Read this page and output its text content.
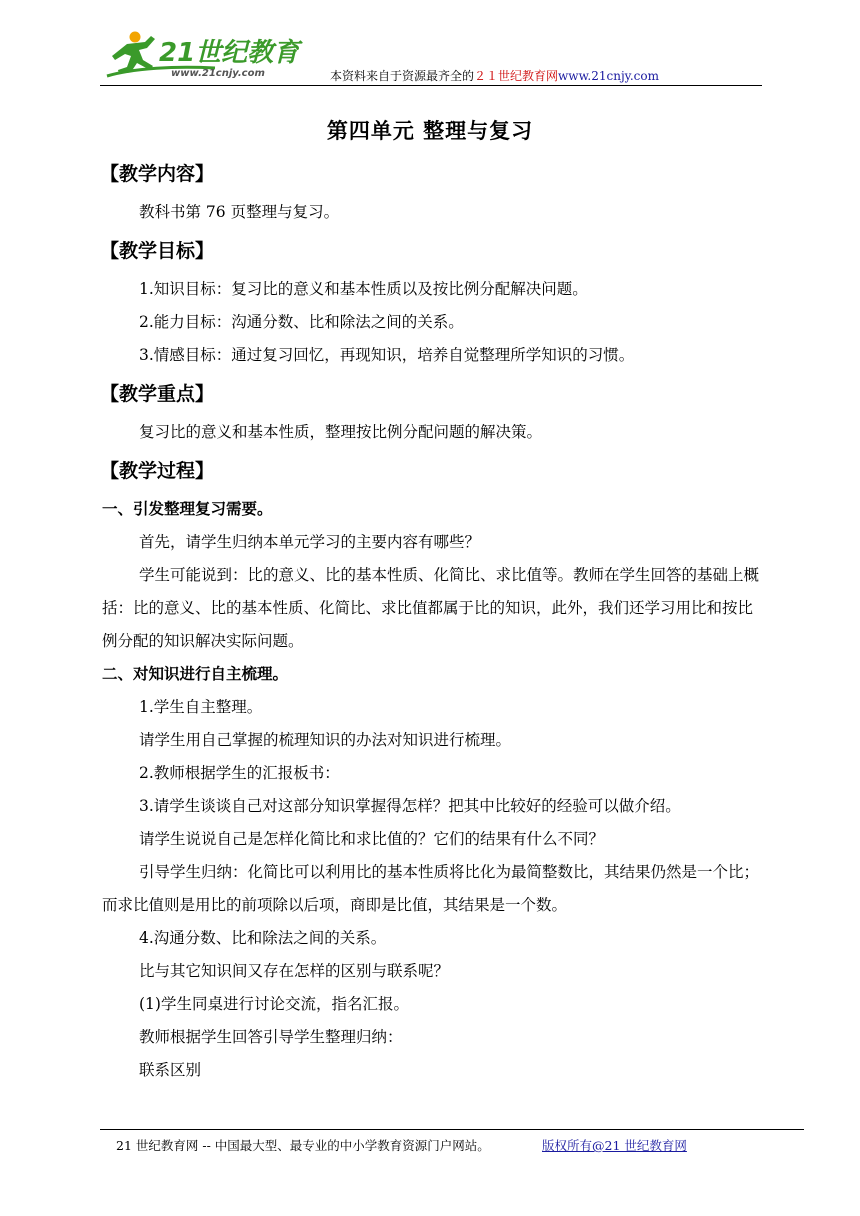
21世纪教育
www.21cnjy.com	本资料来自于资源最齐全的２１世纪教育网www.21cnjy.com
第四单元 整理与复习
【教学内容】
教科书第 76 页整理与复习。
【教学目标】
1.知识目标：复习比的意义和基本性质以及按比例分配解决问题。
2.能力目标：沟通分数、比和除法之间的关系。
3.情感目标：通过复习回忆，再现知识，培养自觉整理所学知识的习惯。
【教学重点】
复习比的意义和基本性质，整理按比例分配问题的解决策。
【教学过程】
一、引发整理复习需要。
首先，请学生归纳本单元学习的主要内容有哪些？
学生可能说到：比的意义、比的基本性质、化简比、求比值等。教师在学生回答的基础上概括：比的意义、比的基本性质、化简比、求比值都属于比的知识，此外，我们还学习用比和按比例分配的知识解决实际问题。
二、对知识进行自主梳理。
1.学生自主整理。
请学生用自己掌握的梳理知识的办法对知识进行梳理。
2.教师根据学生的汇报板书：
3.请学生谈谈自己对这部分知识掌握得怎样？把其中比较好的经验可以做介绍。
请学生说说自己是怎样化简比和求比值的？它们的结果有什么不同？
引导学生归纳：化简比可以利用比的基本性质将比化为最简整数比，其结果仍然是一个比；而求比值则是用比的前项除以后项，商即是比值，其结果是一个数。
4.沟通分数、比和除法之间的关系。
比与其它知识间又存在怎样的区别与联系呢？
(1)学生同桌进行讨论交流，指名汇报。
教师根据学生回答引导学生整理归纳：
联系区别
21 世纪教育网 -- 中国最大型、最专业的中小学教育资源门户网站。	版权所有@21 世纪教育网
